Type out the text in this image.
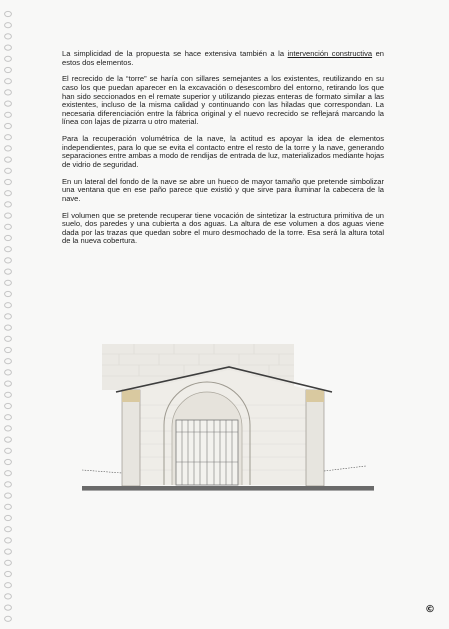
La simplicidad de la propuesta se hace extensiva también a la intervención constructiva en estos dos elementos.

El recrecido de la “torre” se haría con sillares semejantes a los existentes, reutilizando en su caso los que puedan aparecer en la excavación o desescombro del entorno, retirando los que han sido seccionados en el remate superior y utilizando piezas enteras de formato similar a las existentes, incluso de la misma calidad y continuando con las hiladas que correspondan. La necesaria diferenciación entre la fábrica original y el nuevo recrecido se reflejará marcando la línea con lajas de pizarra u otro material.

Para la recuperación volumétrica de la nave, la actitud es apoyar la idea de elementos independientes, para lo que se evita el contacto entre el resto de la torre y la nave, generando separaciones entre ambas a modo de rendijas de entrada de luz, materializados mediante hojas de vidrio de seguridad.

En un lateral del fondo de la nave se abre un hueco de mayor tamaño que pretende simbolizar una ventana que en ese paño parece que existió y que sirve para iluminar la cabecera de la nave.

El volumen que se pretende recuperar tiene vocación de sintetizar la estructura primitiva de un suelo, dos paredes y una cubierta a dos aguas. La altura de ese volumen a dos aguas viene dada por las trazas que quedan sobre el muro desmochado de la torre. Esa será la altura total de la nueva cobertura.

©
